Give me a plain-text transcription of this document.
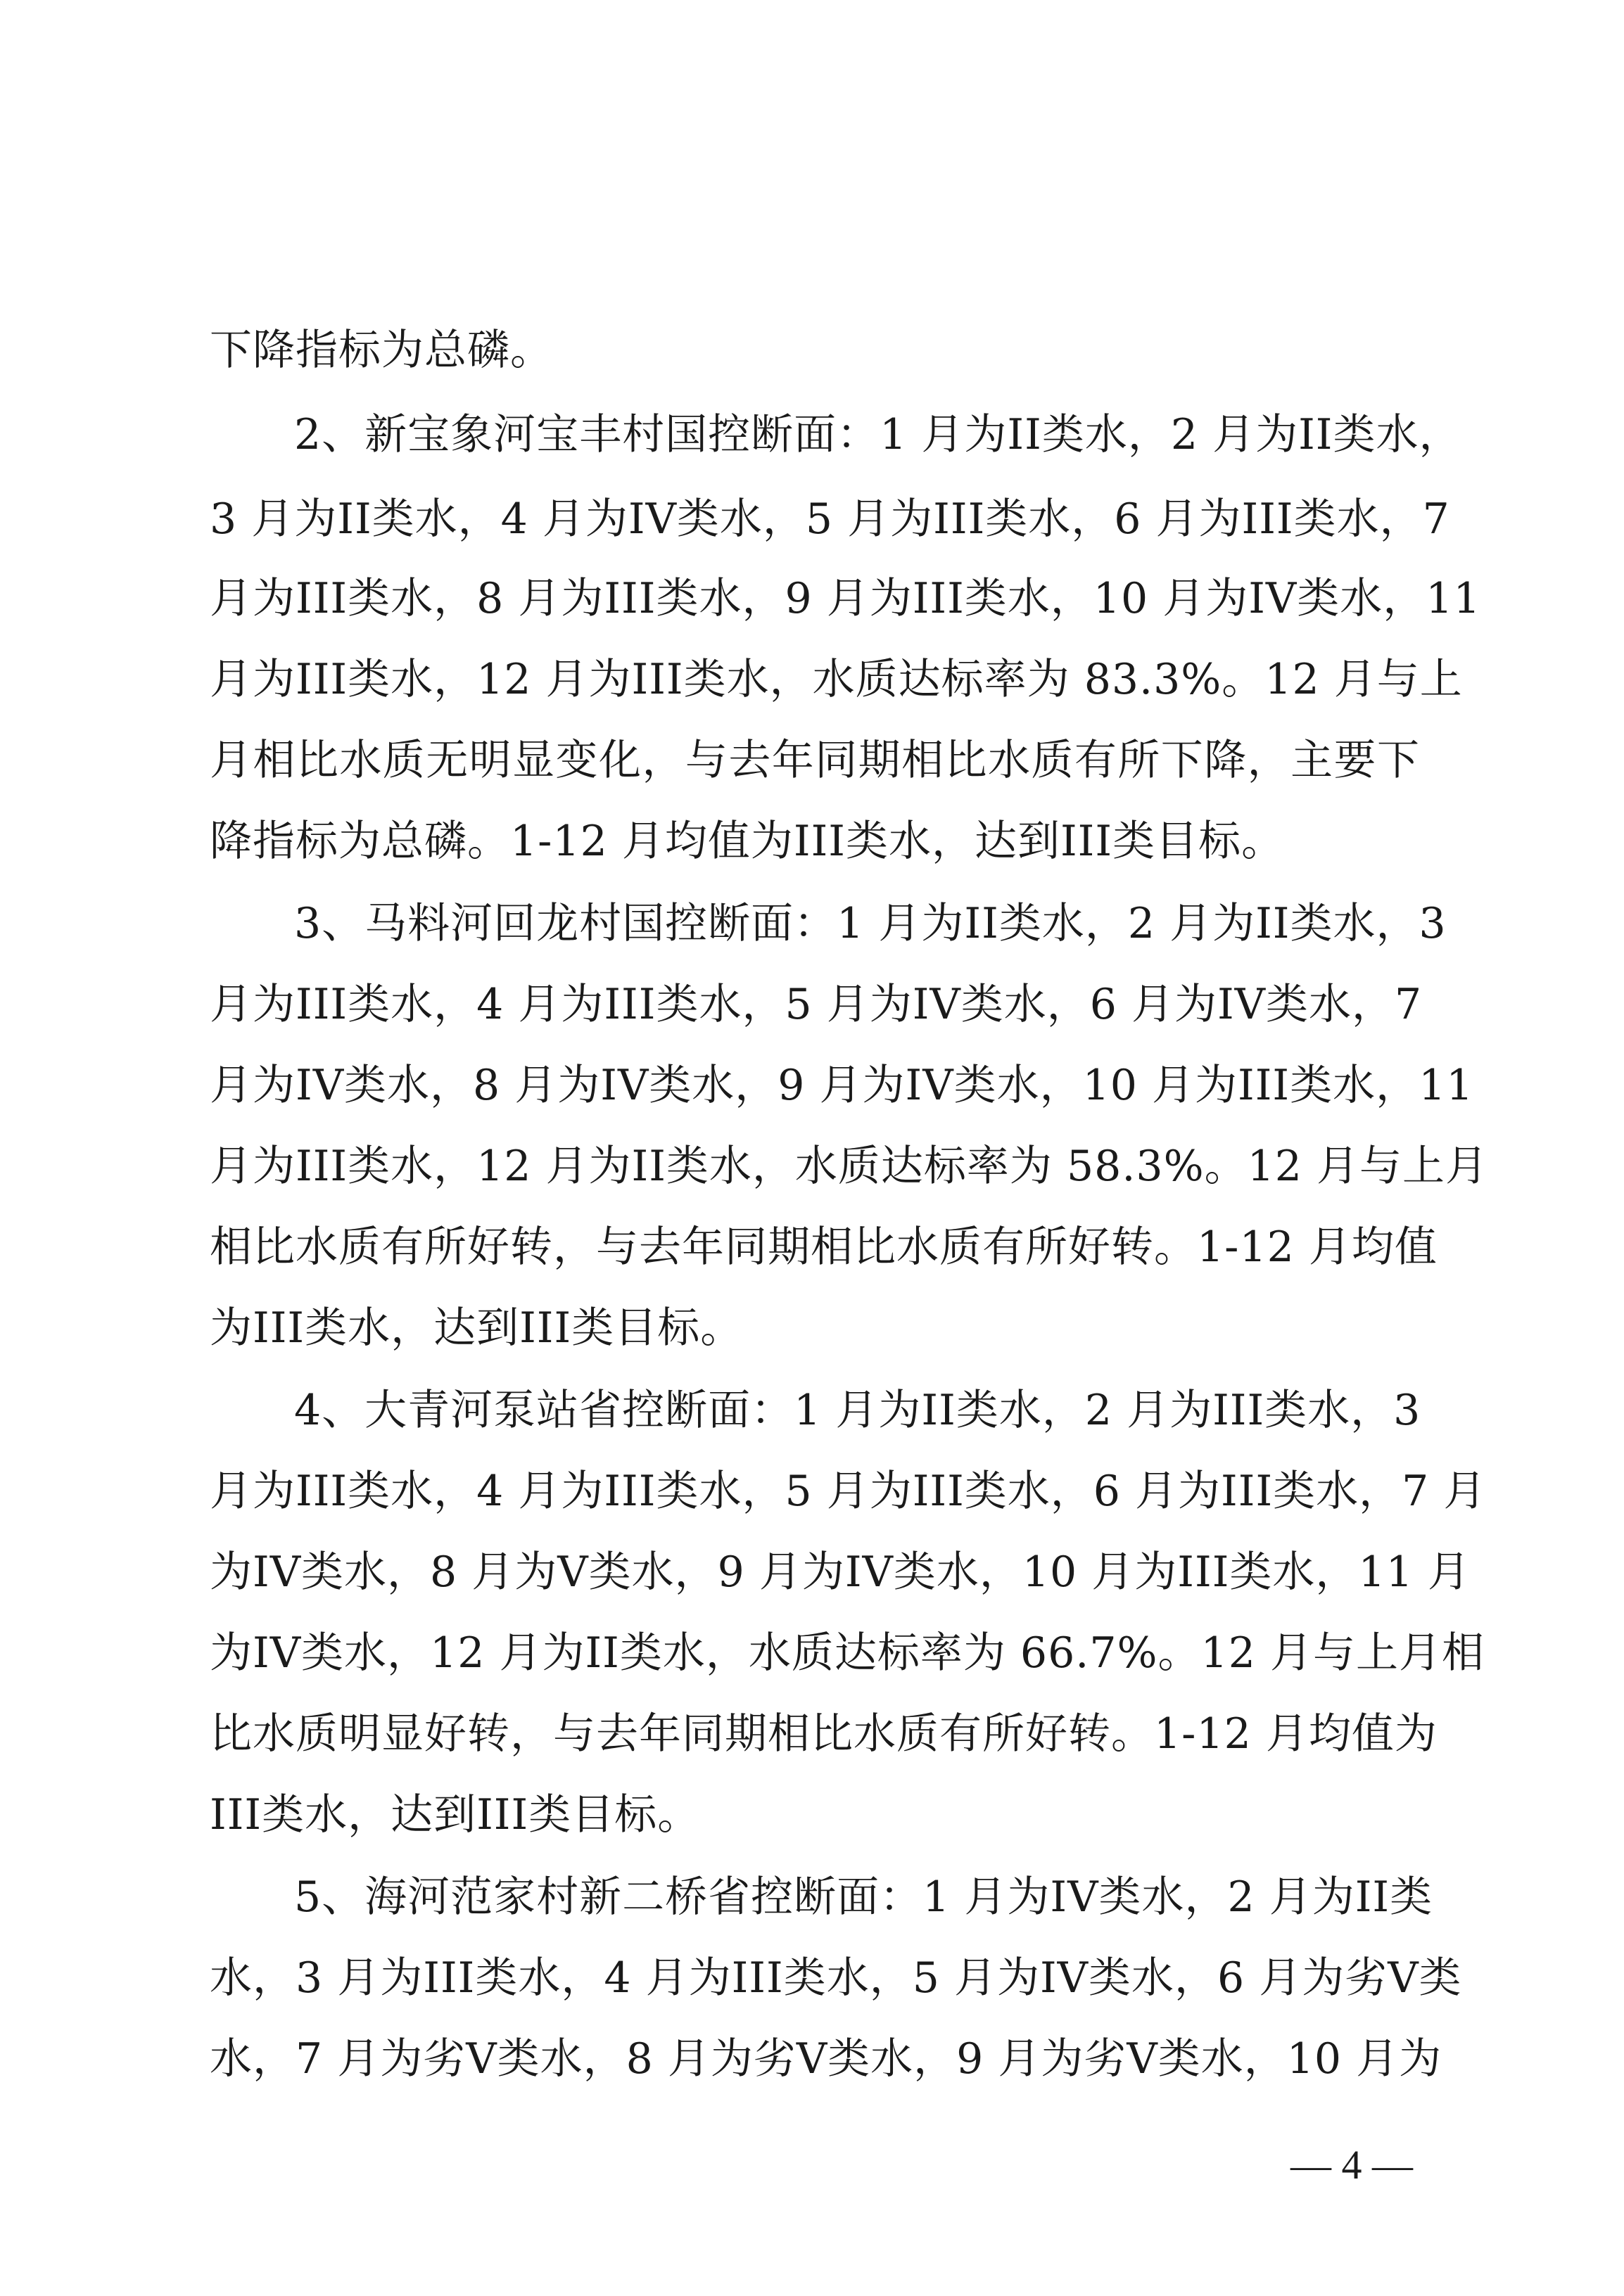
下降指标为总磷。
2、新宝象河宝丰村国控断面：1 月为II类水，2 月为II类水，
3 月为II类水，4 月为IV类水，5 月为III类水，6 月为III类水，7
月为III类水，8 月为III类水，9 月为III类水，10 月为IV类水，11
月为III类水，12 月为III类水，水质达标率为 83.3%。12 月与上
月相比水质无明显变化，与去年同期相比水质有所下降，主要下
降指标为总磷。1-12 月均值为III类水，达到III类目标。
3、马料河回龙村国控断面：1 月为II类水，2 月为II类水，3
月为III类水，4 月为III类水，5 月为IV类水，6 月为IV类水，7
月为IV类水，8 月为IV类水，9 月为IV类水，10 月为III类水，11
月为III类水，12 月为II类水，水质达标率为 58.3%。12 月与上月
相比水质有所好转，与去年同期相比水质有所好转。1-12 月均值
为III类水，达到III类目标。
4、大青河泵站省控断面：1 月为II类水，2 月为III类水，3
月为III类水，4 月为III类水，5 月为III类水，6 月为III类水，7 月
为IV类水，8 月为V类水，9 月为IV类水，10 月为III类水，11 月
为IV类水，12 月为II类水，水质达标率为 66.7%。12 月与上月相
比水质明显好转，与去年同期相比水质有所好转。1-12 月均值为
III类水，达到III类目标。
5、海河范家村新二桥省控断面：1 月为IV类水，2 月为II类
水，3 月为III类水，4 月为III类水，5 月为IV类水，6 月为劣V类
水，7 月为劣V类水，8 月为劣V类水，9 月为劣V类水，10 月为
— 4 —
